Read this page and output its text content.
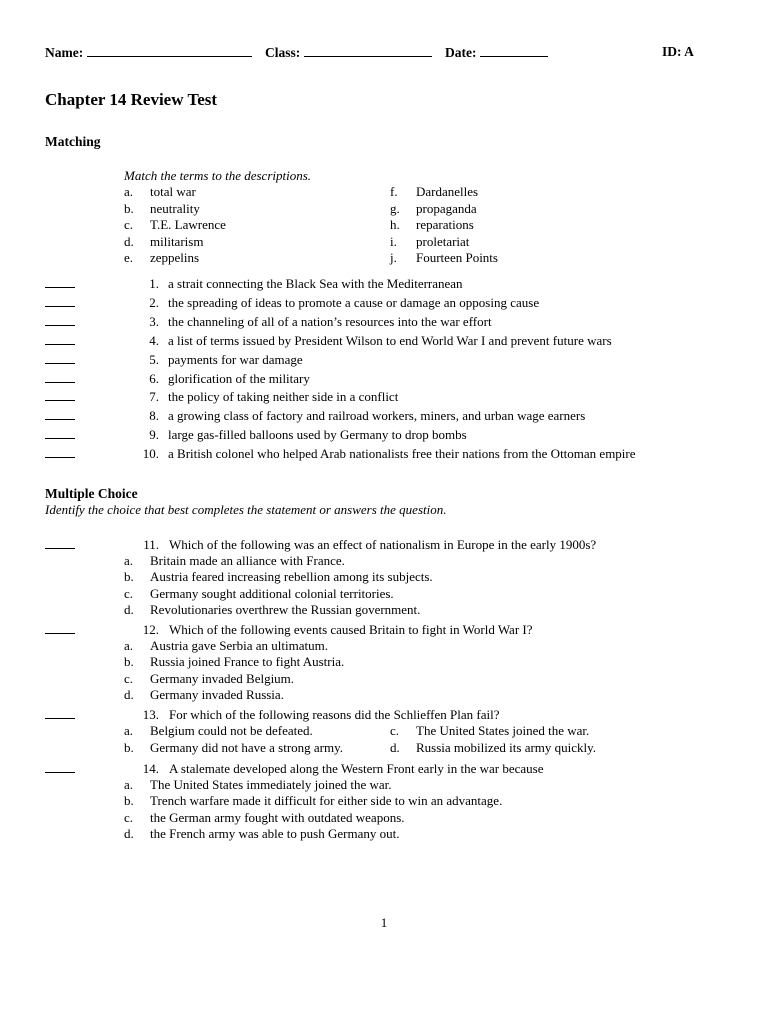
Name:	Class:	Date:	ID: A
Chapter 14 Review Test
Matching
Match the terms to the descriptions.
a. total war
b. neutrality
c. T.E. Lawrence
d. militarism
e. zeppelins
f. Dardanelles
g. propaganda
h. reparations
i. proletariat
j. Fourteen Points
1. a strait connecting the Black Sea with the Mediterranean
2. the spreading of ideas to promote a cause or damage an opposing cause
3. the channeling of all of a nation’s resources into the war effort
4. a list of terms issued by President Wilson to end World War I and prevent future wars
5. payments for war damage
6. glorification of the military
7. the policy of taking neither side in a conflict
8. a growing class of factory and railroad workers, miners, and urban wage earners
9. large gas-filled balloons used by Germany to drop bombs
10. a British colonel who helped Arab nationalists free their nations from the Ottoman empire
Multiple Choice
Identify the choice that best completes the statement or answers the question.
11. Which of the following was an effect of nationalism in Europe in the early 1900s?
a. Britain made an alliance with France.
b. Austria feared increasing rebellion among its subjects.
c. Germany sought additional colonial territories.
d. Revolutionaries overthrew the Russian government.
12. Which of the following events caused Britain to fight in World War I?
a. Austria gave Serbia an ultimatum.
b. Russia joined France to fight Austria.
c. Germany invaded Belgium.
d. Germany invaded Russia.
13. For which of the following reasons did the Schlieffen Plan fail?
a. Belgium could not be defeated.	c. The United States joined the war.
b. Germany did not have a strong army.	d. Russia mobilized its army quickly.
14. A stalemate developed along the Western Front early in the war because
a. The United States immediately joined the war.
b. Trench warfare made it difficult for either side to win an advantage.
c. the German army fought with outdated weapons.
d. the French army was able to push Germany out.
1
